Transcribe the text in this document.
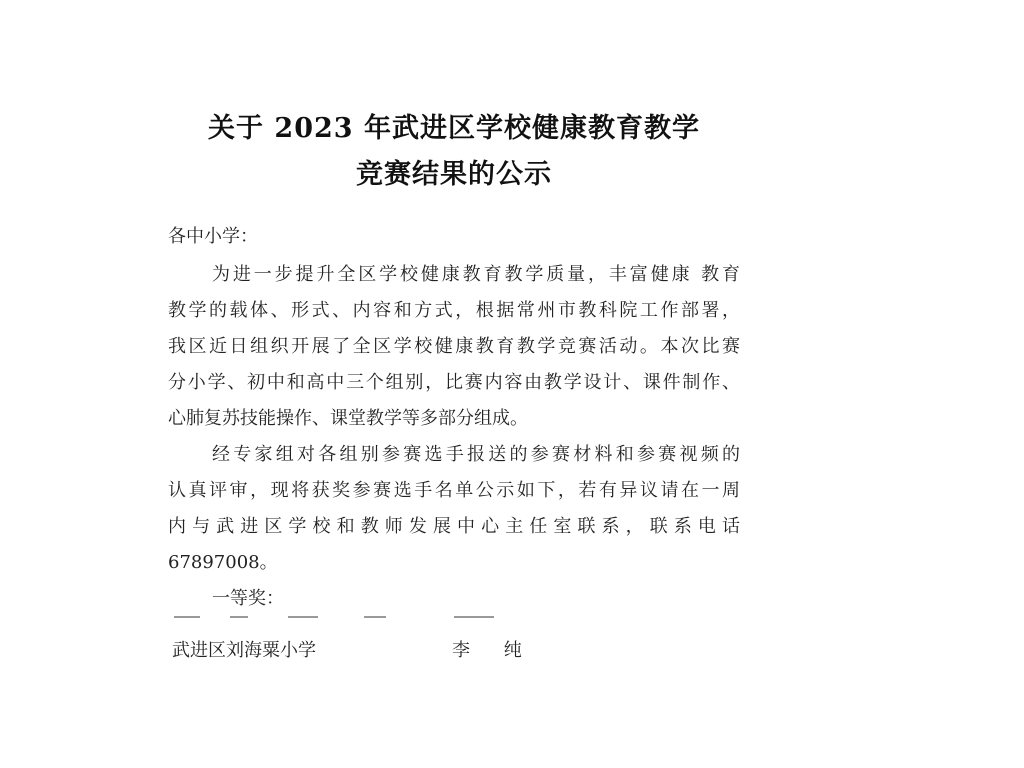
关于 2023 年武进区学校健康教育教学
竞赛结果的公示
各中小学：
为进一步提升全区学校健康教育教学质量，丰富健康 教育
教学的载体、形式、内容和方式，根据常州市教科院工作部署，
我区近日组织开展了全区学校健康教育教学竞赛活动。本次比赛
分小学、初中和高中三个组别，比赛内容由教学设计、课件制作、
心肺复苏技能操作、课堂教学等多部分组成。
经专家组对各组别参赛选手报送的参赛材料和参赛视频的
认真评审，现将获奖参赛选手名单公示如下，若有异议请在一周
内与武进区学校和教师发展中心主任室联系，联系电话
67897008。
一等奖：
武进区刘海粟小学	李 纯
